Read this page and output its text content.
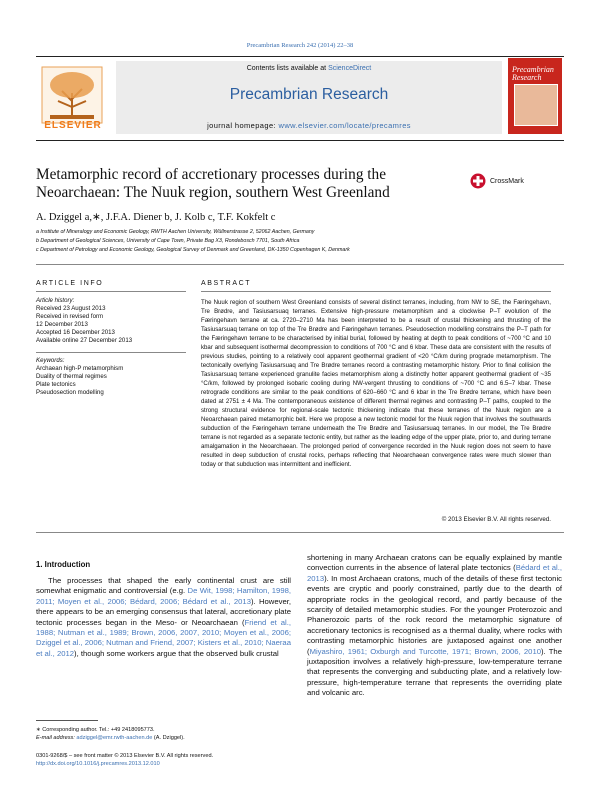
Precambrian Research 242 (2014) 22–38
ELSEVIER
Contents lists available at ScienceDirect
Precambrian Research
journal homepage: www.elsevier.com/locate/precamres
Precambrian Research
Metamorphic record of accretionary processes during the Neoarchaean: The Nuuk region, southern West Greenland
CrossMark
A. Dziggel a,∗, J.F.A. Diener b, J. Kolb c, T.F. Kokfelt c
a Institute of Mineralogy and Economic Geology, RWTH Aachen University, Wüllnerstrasse 2, 52062 Aachen, Germany
b Department of Geological Sciences, University of Cape Town, Private Bag X3, Rondebosch 7701, South Africa
c Department of Petrology and Economic Geology, Geological Survey of Denmark and Greenland, DK-1350 Copenhagen K, Denmark
ARTICLE INFO	ABSTRACT
Article history:
Received 23 August 2013
Received in revised form
12 December 2013
Accepted 16 December 2013
Available online 27 December 2013
Keywords:
Archaean high-P metamorphism
Duality of thermal regimes
Plate tectonics
Pseudosection modelling
The Nuuk region of southern West Greenland consists of several distinct terranes, including, from NW to SE, the Færingehavn, Tre Brødre, and Tasiusarsuaq terranes. Extensive high-pressure metamorphism and a clockwise P–T evolution of the Færingehavn terrane at ca. 2720–2710 Ma has been interpreted to be a result of crustal thickening and thrusting of the Tasiusarsuaq terrane on top of the Tre Brødre and Færingehavn terranes. Pseudosection modelling constrains the P–T path for the Færingehavn terrane to be characterised by initial burial, followed by heating at depth to peak conditions of ~700 °C and 10 kbar and subsequent isothermal decompression to conditions of 700 °C and 6 kbar. These data are consistent with the results of previous studies, pointing to a relatively cool apparent geothermal gradient of <20 °C/km during prograde metamorphism. The tectonically overlying Tasiusarsuaq and Tre Brødre terranes record a contrasting metamorphic history. Prior to final collision the Tasiusarsuaq terrane experienced granulite facies metamorphism along a distinctly hotter apparent geothermal gradient of ~35 °C/km, followed by prolonged isobaric cooling during NW-vergent thrusting to conditions of ~700 °C and 6.5–7 kbar. These retrograde conditions are similar to the peak conditions of 620–660 °C and 6 kbar in the Tre Brødre terrane, which have been dated at 2751 ± 4 Ma. The contemporaneous existence of different thermal regimes and contrasting P–T paths, coupled to the strong structural evidence for regional-scale tectonic thickening indicate that these terranes of the Nuuk region are a Neoarchaean paired metamorphic belt. Here we propose a new tectonic model for the Nuuk region that involves the southwards subduction of the Færingehavn terrane underneath the Tre Brødre and Tasiusarsuaq terranes. In our model, the Tre Brødre terrane is not regarded as a separate tectonic entity, but rather as the leading edge of the upper plate, prior to, and during terrane amalgamation in the Neoarchaean. The prolonged period of convergence recorded in the Nuuk region does not seem to have resulted in deep subduction of crustal rocks, perhaps reflecting that Neoarchaean convergence rates were much slower than today or that subduction was intermittent and inefficient.
© 2013 Elsevier B.V. All rights reserved.
1. Introduction
The processes that shaped the early continental crust are still somewhat enigmatic and controversial (e.g. De Wit, 1998; Hamilton, 1998, 2011; Moyen et al., 2006; Bédard, 2006; Bédard et al., 2013). However, there appears to be an emerging consensus that lateral, accretionary plate tectonic processes began in the Meso- or Neoarchaean (Friend et al., 1988; Nutman et al., 1989; Brown, 2006, 2007, 2010; Moyen et al., 2006; Dziggel et al., 2006; Nutman and Friend, 2007; Kisters et al., 2010; Naeraa et al., 2012), though some workers argue that the observed bulk crustal
shortening in many Archaean cratons can be equally explained by mantle convection currents in the absence of lateral plate tectonics (Bédard et al., 2013). In most Archaean cratons, much of the details of these first tectonic events are cryptic and poorly constrained, partly due to the dearth of appropriate rocks in the geological record, and partly because of the scarcity of detailed metamorphic studies. For the younger Proterozoic and Phanerozoic parts of the rock record the metamorphic signature of accretionary tectonics is recognised as a thermal duality, where rocks with contrasting metamorphic histories are juxtaposed against one another (Miyashiro, 1961; Oxburgh and Turcotte, 1971; Brown, 2006, 2010). The juxtaposition involves a relatively high-pressure, low-temperature terrane that represents the converging and subducting plate, and a relatively low-pressure, high-temperature terrane that represents the overriding plate and volcanic arc.
∗ Corresponding author. Tel.: +49 2418095773.
E-mail address: adziggel@emr.rwth-aachen.de (A. Dziggel).
0301-9268/$ – see front matter © 2013 Elsevier B.V. All rights reserved.
http://dx.doi.org/10.1016/j.precamres.2013.12.010
